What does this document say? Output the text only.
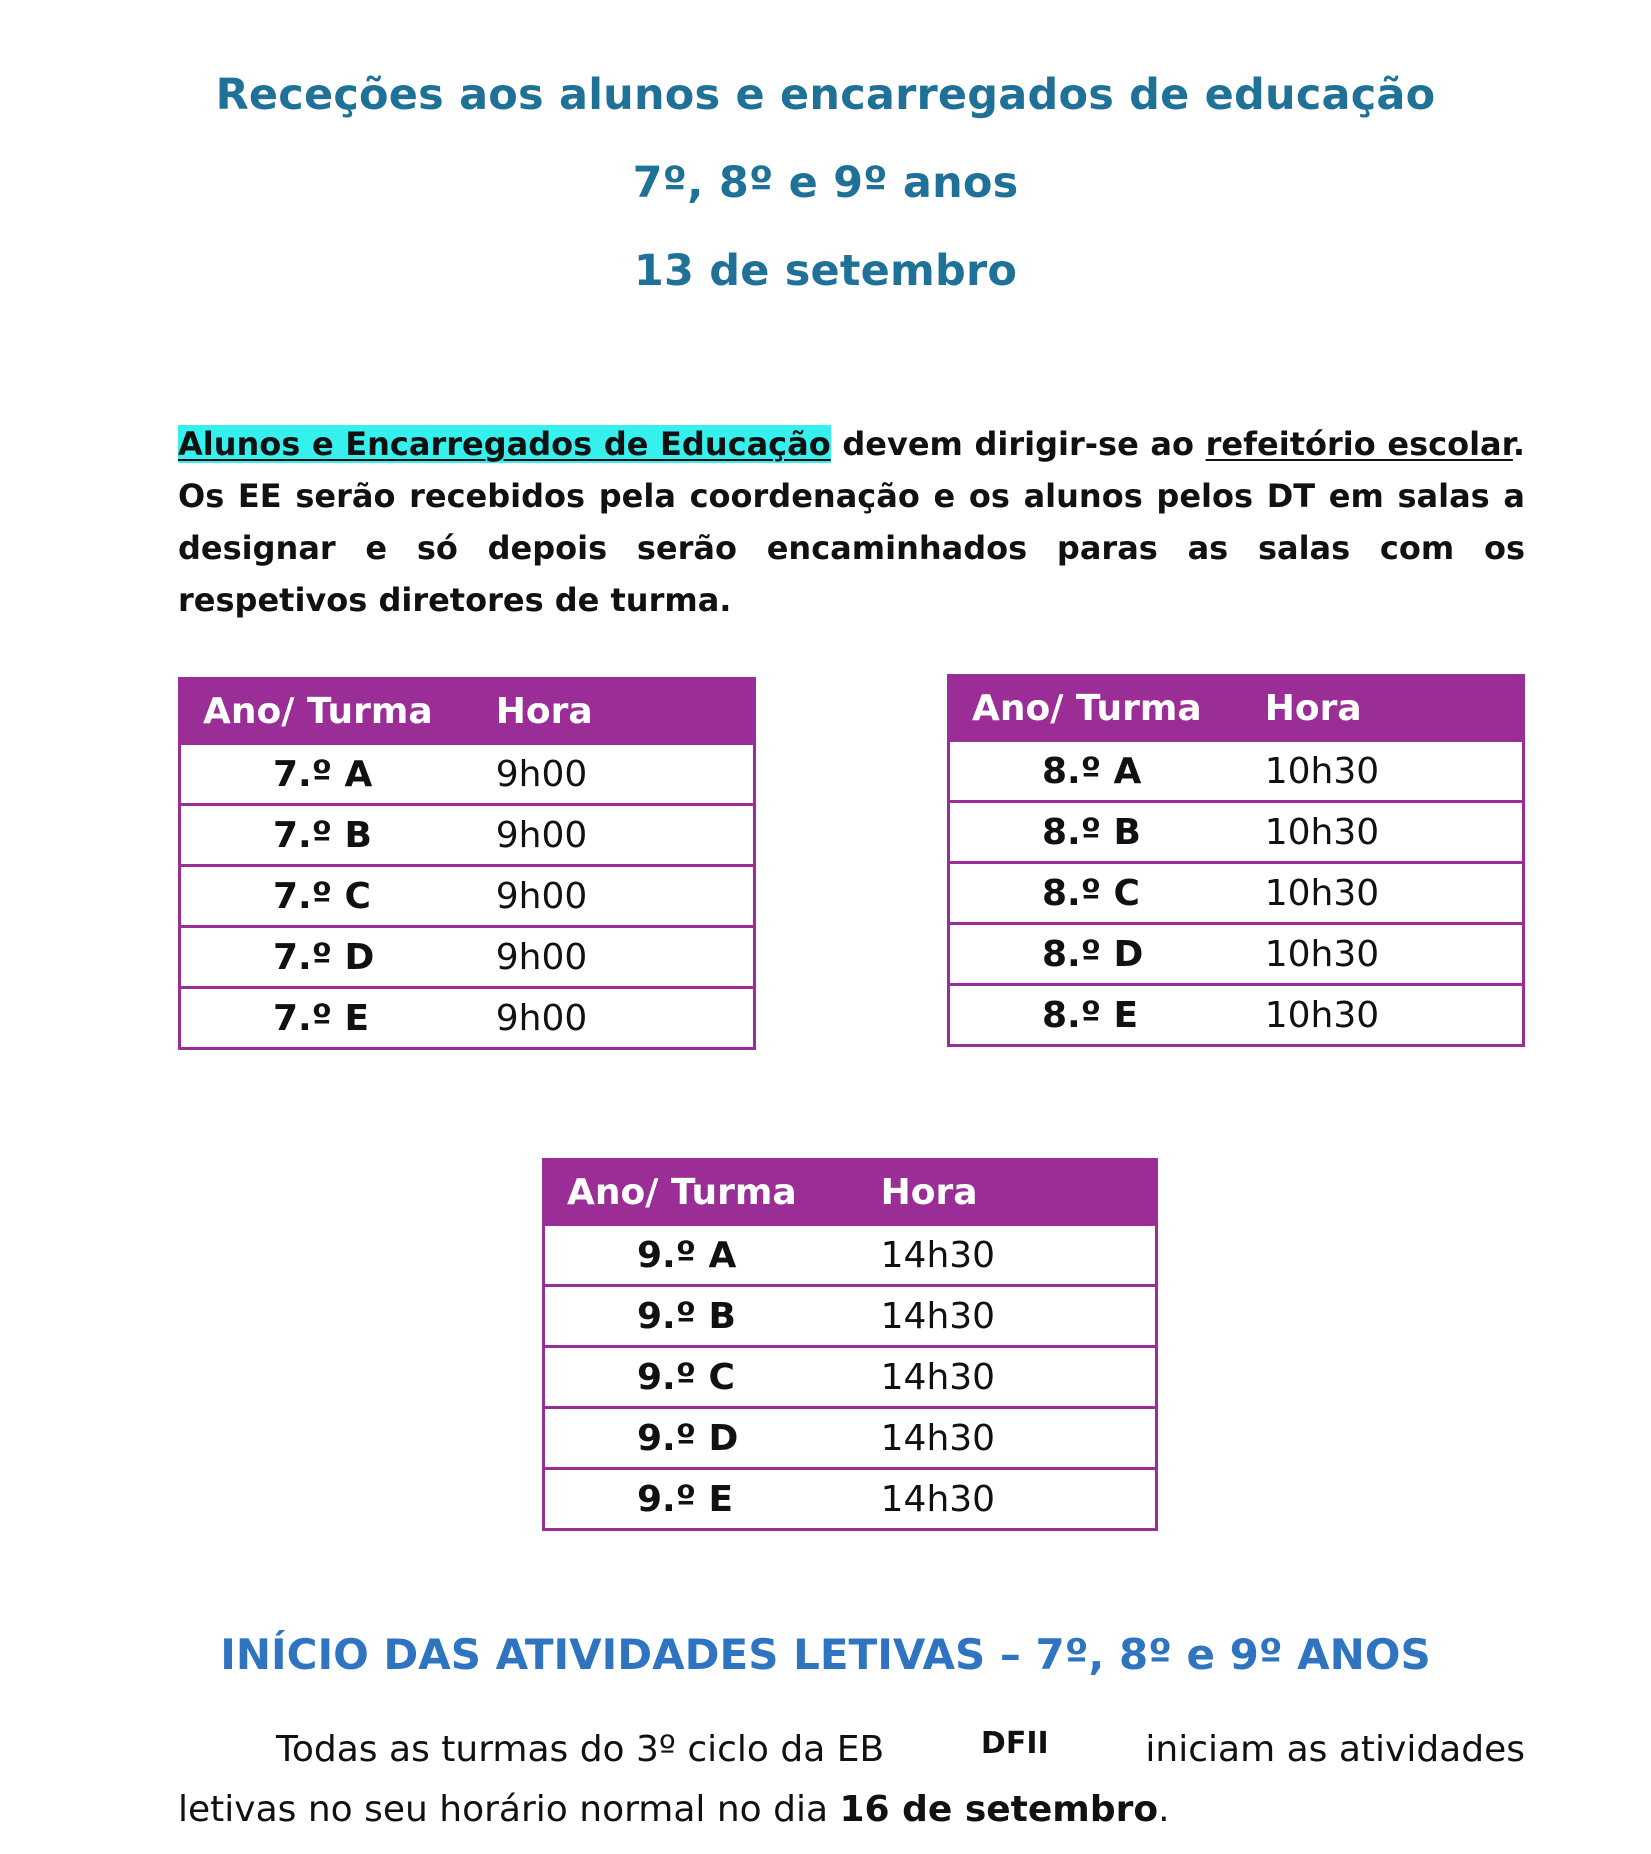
Receções aos alunos e encarregados de educação
7º, 8º e 9º anos
13 de setembro

Alunos e Encarregados de Educação devem dirigir-se ao refeitório escolar. Os EE serão recebidos pela coordenação e os alunos pelos DT em salas a designar e só depois serão encaminhados paras as salas com os respetivos diretores de turma.

Ano/ Turma	Hora
7.º A	9h00
7.º B	9h00
7.º C	9h00
7.º D	9h00
7.º E	9h00
Ano/ Turma	Hora
8.º A	10h30
8.º B	10h30
8.º C	10h30
8.º D	10h30
8.º E	10h30
Ano/ Turma	Hora
9.º A	14h30
9.º B	14h30
9.º C	14h30
9.º D	14h30
9.º E	14h30
INÍCIO DAS ATIVIDADES LETIVAS – 7º, 8º e 9º ANOS
Todas as turmas do 3º ciclo da EB	DFII	iniciam as atividades
letivas no seu horário normal no dia 16 de setembro.
